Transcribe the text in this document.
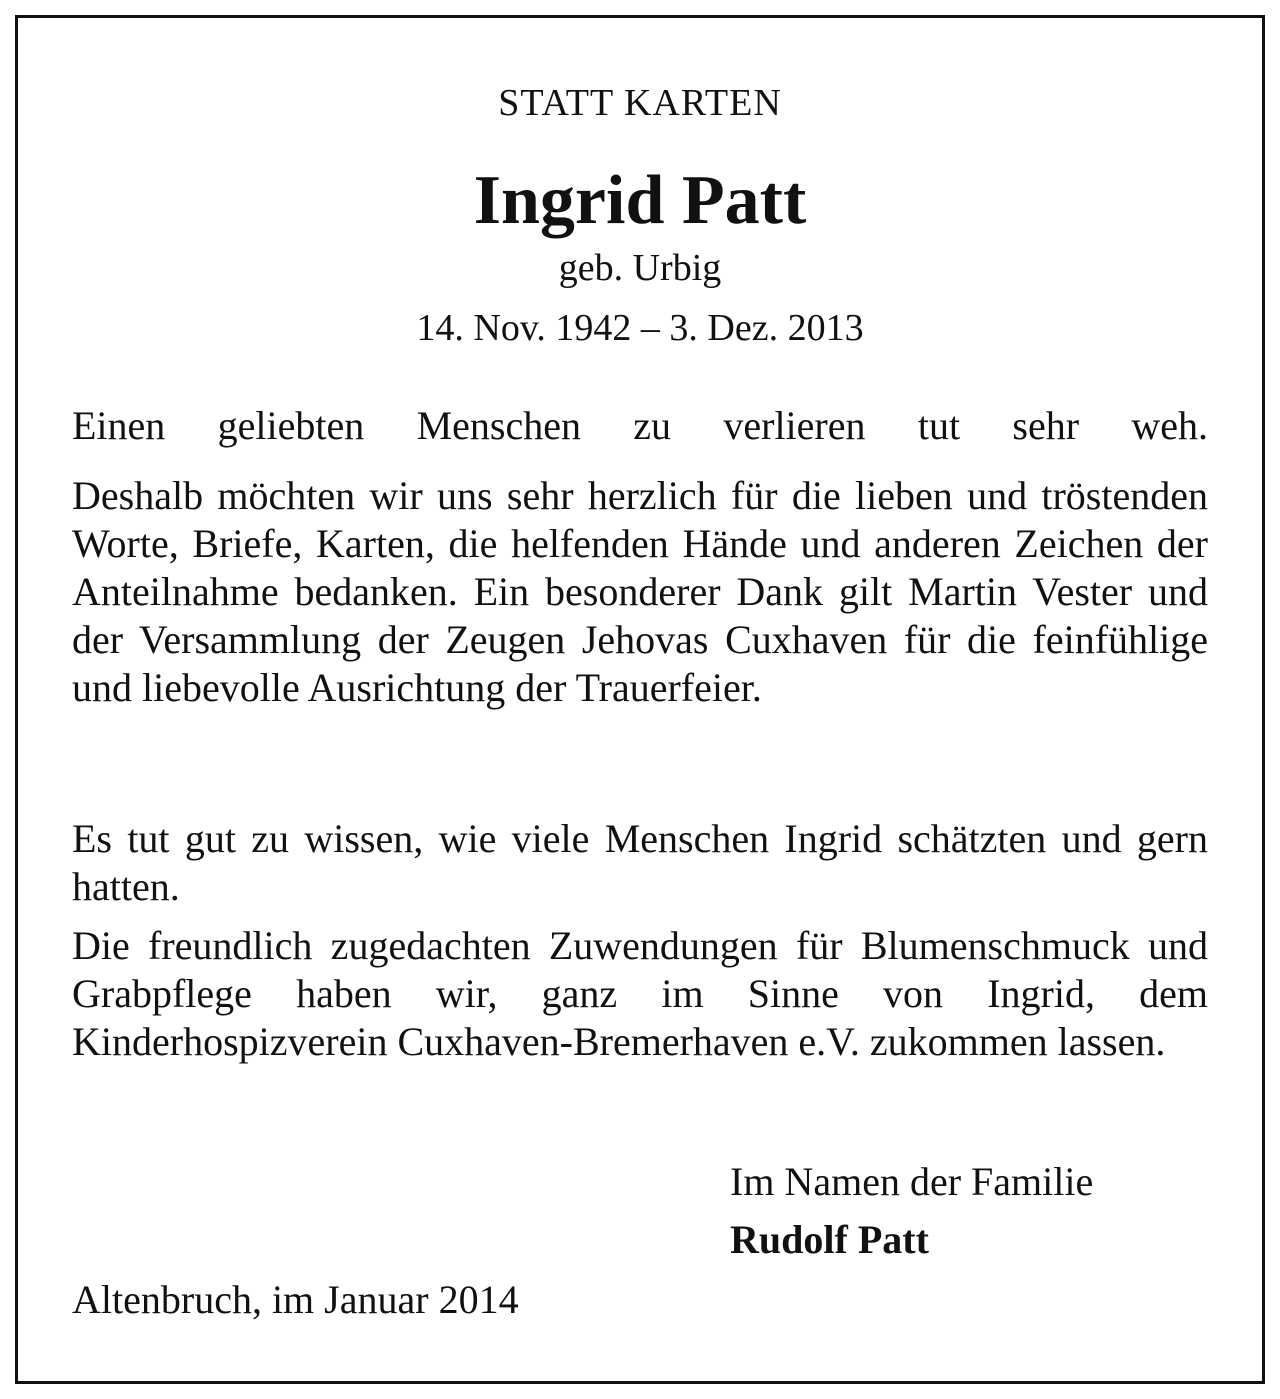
STATT KARTEN
Ingrid Patt
geb. Urbig
14. Nov. 1942 – 3. Dez. 2013
Einen geliebten Menschen zu verlieren tut sehr weh.
Deshalb möchten wir uns sehr herzlich für die lieben und tröstenden Worte, Briefe, Karten, die helfenden Hände und anderen Zeichen der Anteilnahme bedanken. Ein besonderer Dank gilt Martin Vester und der Versammlung der Zeugen Jehovas Cuxhaven für die feinfühlige und liebevolle Ausrichtung der Trauerfeier.
Es tut gut zu wissen, wie viele Menschen Ingrid schätzten und gern hatten.
Die freundlich zugedachten Zuwendungen für Blumenschmuck und Grabpflege haben wir, ganz im Sinne von Ingrid, dem Kinderhospizverein Cuxhaven-Bremerhaven e.V. zukommen lassen.
Im Namen der Familie
Rudolf Patt
Altenbruch, im Januar 2014
